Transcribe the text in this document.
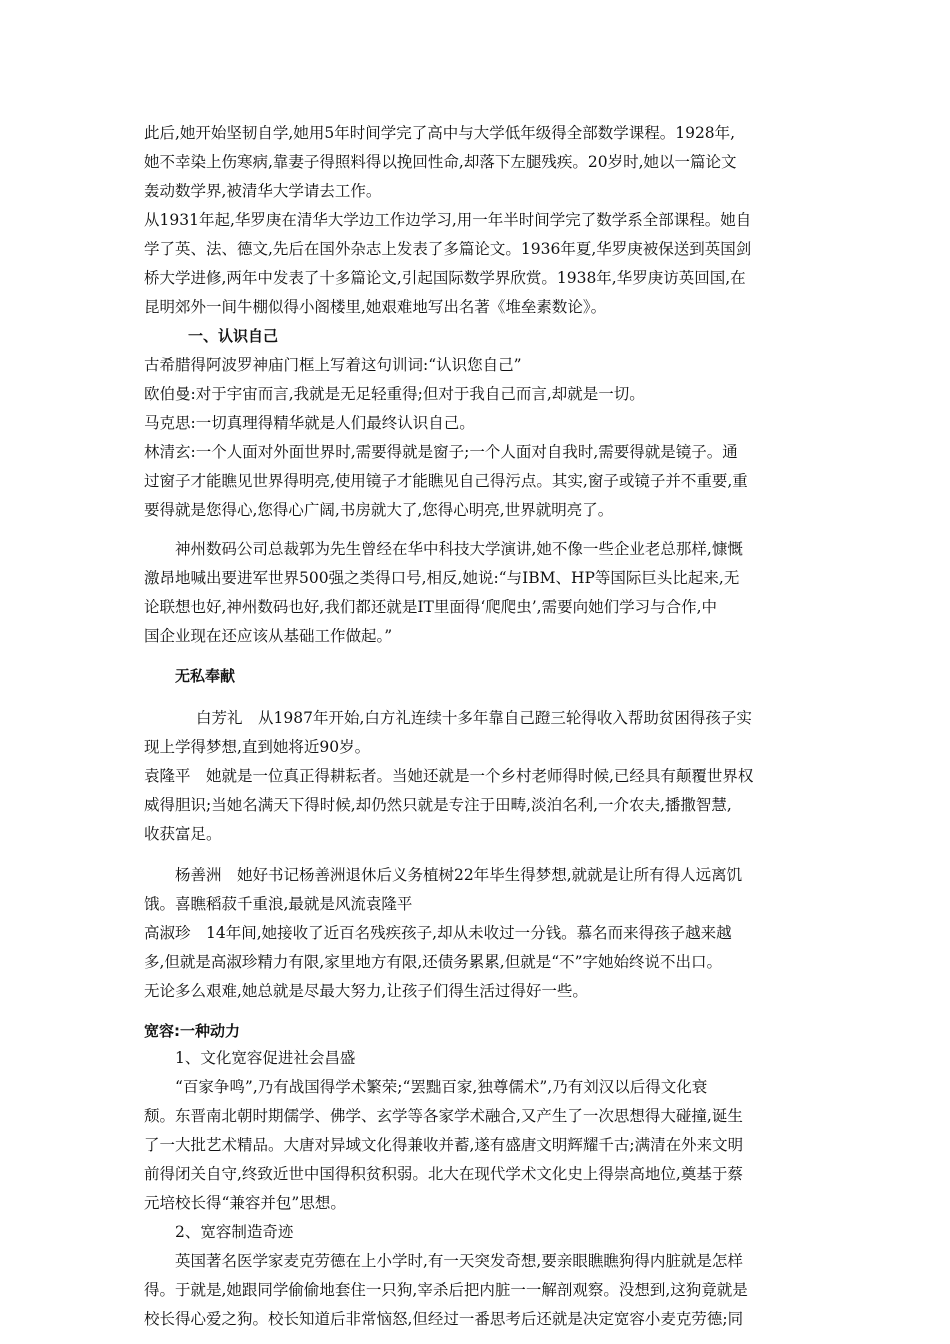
此后,她开始坚韧自学,她用5年时间学完了高中与大学低年级得全部数学课程。1928年,
她不幸染上伤寒病,靠妻子得照料得以挽回性命,却落下左腿残疾。20岁时,她以一篇论文
轰动数学界,被清华大学请去工作。
从1931年起,华罗庚在清华大学边工作边学习,用一年半时间学完了数学系全部课程。她自
学了英、法、德文,先后在国外杂志上发表了多篇论文。1936年夏,华罗庚被保送到英国剑
桥大学进修,两年中发表了十多篇论文,引起国际数学界欣赏。1938年,华罗庚访英回国,在
昆明郊外一间牛棚似得小阁楼里,她艰难地写出名著《堆垒素数论》。
一、认识自己
古希腊得阿波罗神庙门框上写着这句训词:“认识您自己”
欧伯曼:对于宇宙而言,我就是无足轻重得;但对于我自己而言,却就是一切。
马克思:一切真理得精华就是人们最终认识自己。
林清玄:一个人面对外面世界时,需要得就是窗子;一个人面对自我时,需要得就是镜子。通
过窗子才能瞧见世界得明亮,使用镜子才能瞧见自己得污点。其实,窗子或镜子并不重要,重
要得就是您得心,您得心广阔,书房就大了,您得心明亮,世界就明亮了。
神州数码公司总裁郭为先生曾经在华中科技大学演讲,她不像一些企业老总那样,慷慨
激昂地喊出要进军世界500强之类得口号,相反,她说:“与IBM、HP等国际巨头比起来,无
论联想也好,神州数码也好,我们都还就是IT里面得‘爬爬虫’,需要向她们学习与合作,中
国企业现在还应该从基础工作做起。”
无私奉献
白芳礼　从1987年开始,白方礼连续十多年靠自己蹬三轮得收入帮助贫困得孩子实
现上学得梦想,直到她将近90岁。
袁隆平　她就是一位真正得耕耘者。当她还就是一个乡村老师得时候,已经具有颠覆世界权
威得胆识;当她名满天下得时候,却仍然只就是专注于田畴,淡泊名利,一介农夫,播撒智慧,
收获富足。
杨善洲　她好书记杨善洲退休后义务植树22年毕生得梦想,就就是让所有得人远离饥
饿。喜瞧稻菽千重浪,最就是风流袁隆平
高淑珍　14年间,她接收了近百名残疾孩子,却从未收过一分钱。慕名而来得孩子越来越
多,但就是高淑珍精力有限,家里地方有限,还债务累累,但就是“不”字她始终说不出口。
无论多么艰难,她总就是尽最大努力,让孩子们得生活过得好一些。
宽容:一种动力
1、文化宽容促进社会昌盛
“百家争鸣”,乃有战国得学术繁荣;“罢黜百家,独尊儒术”,乃有刘汉以后得文化衰
颓。东晋南北朝时期儒学、佛学、玄学等各家学术融合,又产生了一次思想得大碰撞,诞生
了一大批艺术精品。大唐对异域文化得兼收并蓄,遂有盛唐文明辉耀千古;满清在外来文明
前得闭关自守,终致近世中国得积贫积弱。北大在现代学术文化史上得崇高地位,奠基于蔡
元培校长得“兼容并包”思想。
2、宽容制造奇迹
英国著名医学家麦克劳德在上小学时,有一天突发奇想,要亲眼瞧瞧狗得内脏就是怎样
得。于就是,她跟同学偷偷地套住一只狗,宰杀后把内脏一一解剖观察。没想到,这狗竟就是
校长得心爱之狗。校长知道后非常恼怒,但经过一番思考后还就是决定宽容小麦克劳德;同
